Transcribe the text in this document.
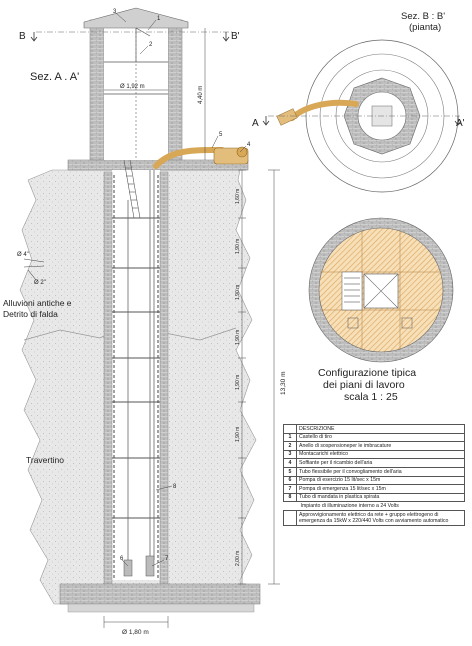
3
1
2
5
4
6	7
8
B	B'
Sez. A . A'
Ø 1,92 m	4,40 m
13,30 m
1,60 m
1,90 m
1,90 m
1,90 m
1,90 m
1,90 m
2,00 m
Ø 1,80 m
Ø 4"
Ø 2"
Alluvioni antiche e
Detrito di falda
Travertino
Sez. B : B'
(pianta)
A	A'
Configurazione tipica
dei piani di lavoro
scala 1 : 25
	DESCRIZIONE
1	Castello di tiro
2	Anello di sospensioneper le imbracature
3	Montacarichi elettrico
4	Soffiante per il ricambio dell'aria
5	Tubo flessibile per il convogliamento dell'aria
6	Pompa di esercizio 15 lit/sec x 15m
7	Pompa di emergenza 15 lit/sec x 15m
8	Tubo di mandata in plastica spirata
	Impianto di illuminazione interno a 24 Volts
	Approvvigionamento elettrico da rete + gruppo elettrogeno di emergenza da 15kW x 220/440 Volts con avviamento automatico
